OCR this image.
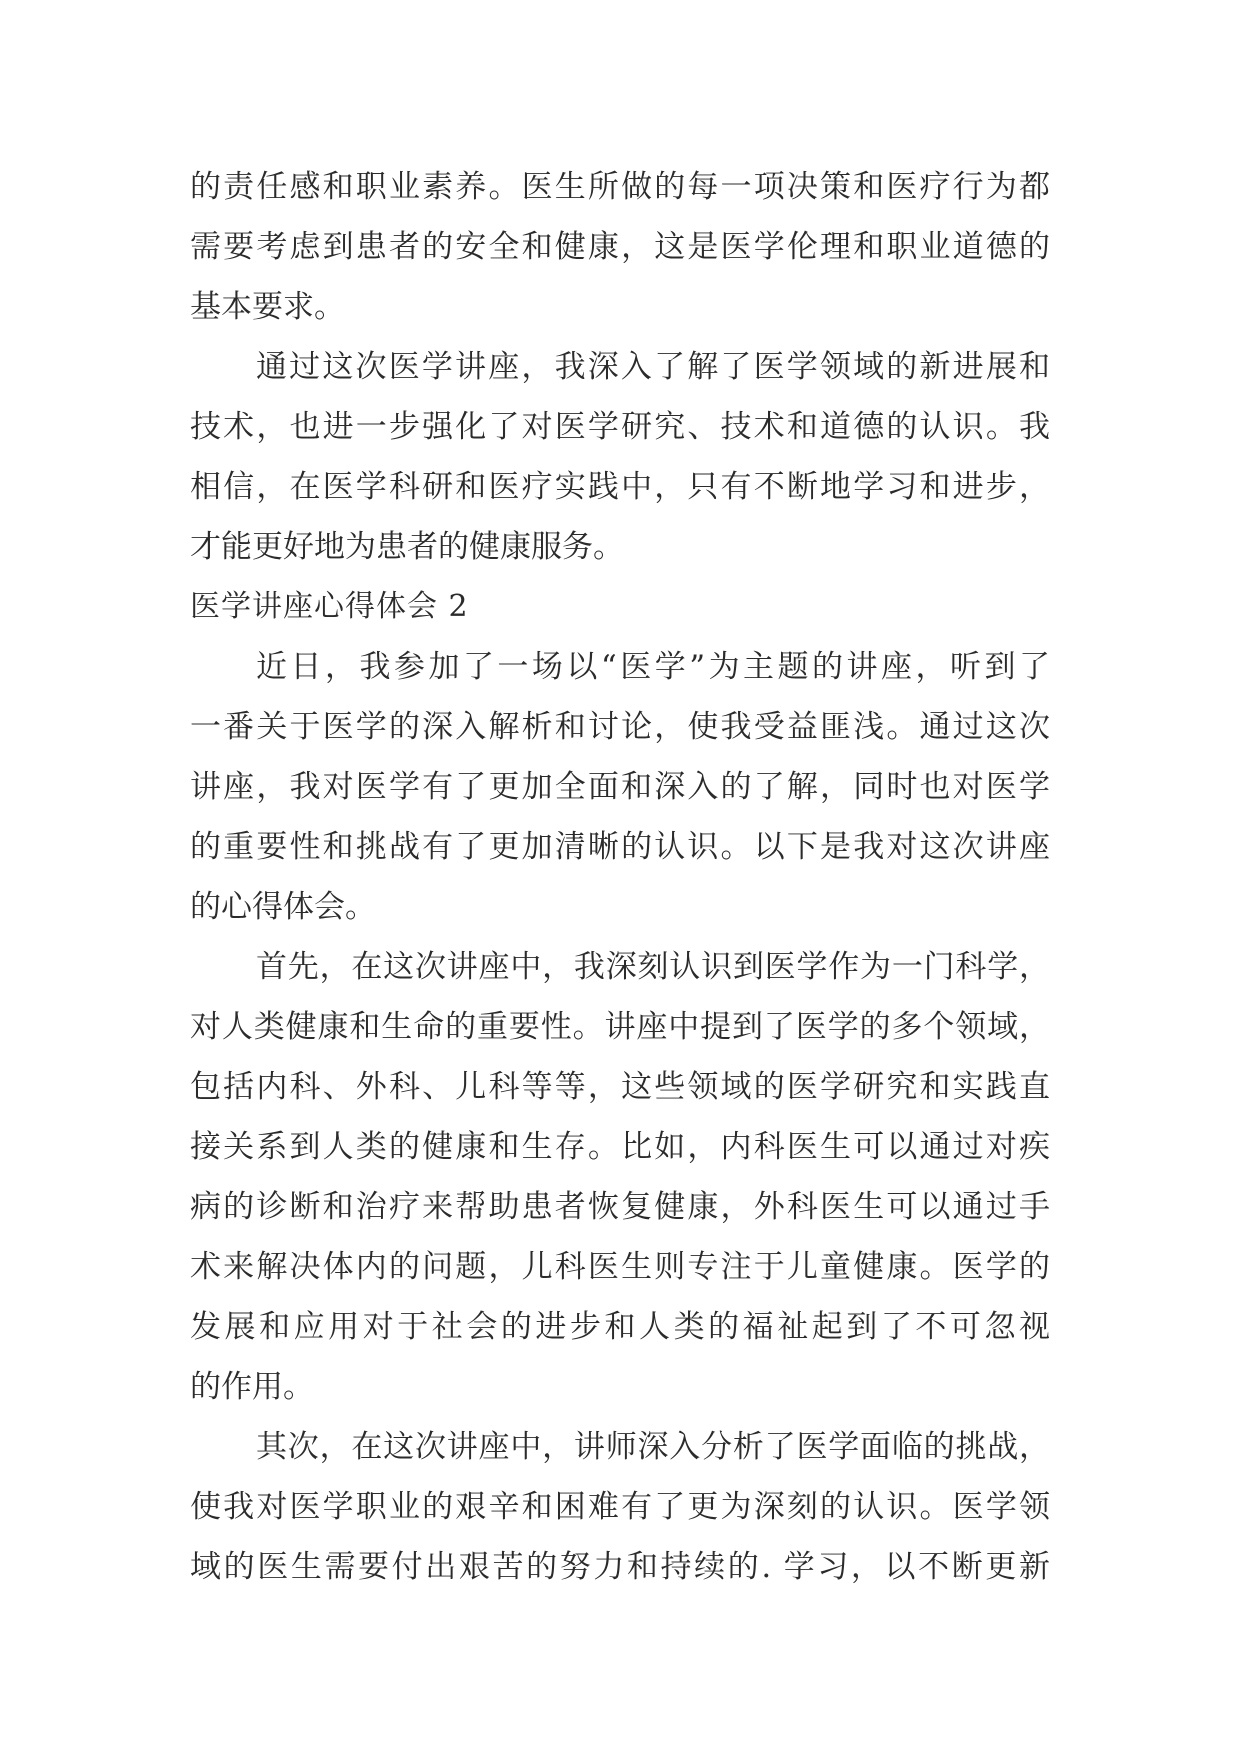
的责任感和职业素养。医生所做的每一项决策和医疗行为都
需要考虑到患者的安全和健康，这是医学伦理和职业道德的
基本要求。
通过这次医学讲座，我深入了解了医学领域的新进展和
技术，也进一步强化了对医学研究、技术和道德的认识。我
相信，在医学科研和医疗实践中，只有不断地学习和进步，
才能更好地为患者的健康服务。
医学讲座心得体会 2
近日，我参加了一场以“医学”为主题的讲座，听到了
一番关于医学的深入解析和讨论，使我受益匪浅。通过这次
讲座，我对医学有了更加全面和深入的了解，同时也对医学
的重要性和挑战有了更加清晰的认识。以下是我对这次讲座
的心得体会。
首先，在这次讲座中，我深刻认识到医学作为一门科学，
对人类健康和生命的重要性。讲座中提到了医学的多个领域，
包括内科、外科、儿科等等，这些领域的医学研究和实践直
接关系到人类的健康和生存。比如，内科医生可以通过对疾
病的诊断和治疗来帮助患者恢复健康，外科医生可以通过手
术来解决体内的问题，儿科医生则专注于儿童健康。医学的
发展和应用对于社会的进步和人类的福祉起到了不可忽视
的作用。
其次，在这次讲座中，讲师深入分析了医学面临的挑战，
使我对医学职业的艰辛和困难有了更为深刻的认识。医学领
域的医生需要付出艰苦的努力和持续的. 学习，以不断更新
